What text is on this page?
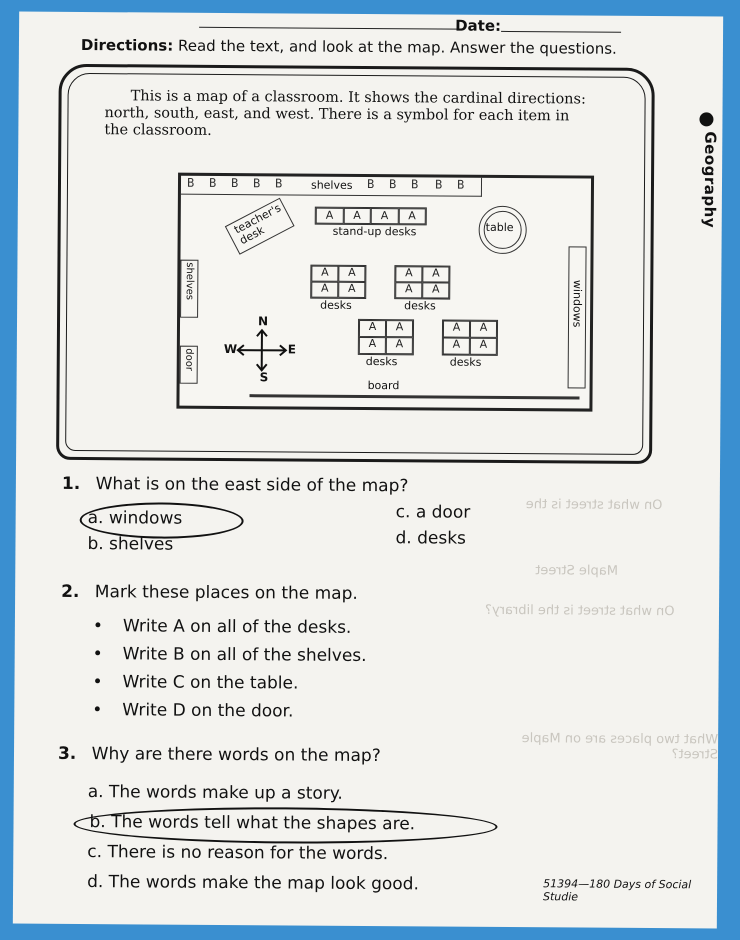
Date:
Directions: Read the text, and look at the map. Answer the questions.
This is a map of a classroom. It shows the cardinal directions:
north, south, east, and west. There is a symbol for each item in
the classroom.
B B B B B	shelves B B B B B
teacher's desk
A	A	A	A
stand-up desks	table
A	A
A	A
desks
A	A
A	A
desks
A	A
A	A
desks
A	A
A	A
desks
windows
shelves
door
N
W	E
S
board
Geography
On what street is the
Maple Street
On what street is the library?
What two places are on Maple Street?
1. What is on the east side of the map?
a. windows
b. shelves
c. a door
d. desks
2. Mark these places on the map.
• Write A on all of the desks.
• Write B on all of the shelves.
• Write C on the table.
• Write D on the door.
3. Why are there words on the map?
a. The words make up a story.
b. The words tell what the shapes are.
c. There is no reason for the words.
d. The words make the map look good.	51394—180 Days of Social Studie
